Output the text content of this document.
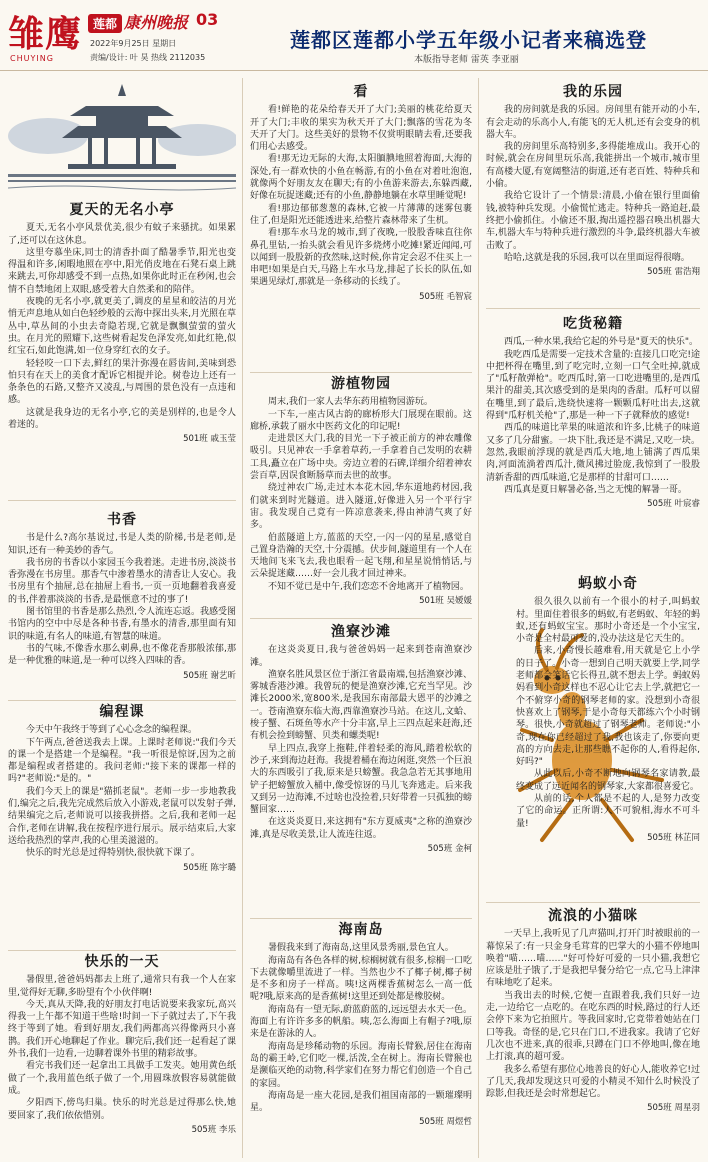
雏鹰
CHUYING
莲都 康州晚报 03
2022年9月25日 星期日
责编/设计: 叶 昊 热线 2112035
莲都区莲都小学五年级小记者来稿选登
本版指导老师 雷英 李亚丽
夏天的无名小亭

夏天,无名小亭风景优美,很少有蚊子来骚扰。如果累了,还可以在这休息。

这里夸慕坐床,同士的清香扑面了酷暑季节,阳光也变得温和许多,闲暇地照在亭中,阳光俏皮地在石凳石桌上跳来跳去,可你却感受不到一点热,如果你此时正在秒闲,也会情不自禁地闭上双眼,感受着大自然柔和的陪伴。

夜晚的无名小亭,就更美了,调皮的星星和皎洁的月光悄无声息地从如白色轻纱般的云海中探出头来,月光照在草丛中,草丛间的小虫去奇隐若现,它就是飘飘萤萤的萤火虫。在月光的照耀下,这些树看起发色泽发亮,如此红艳,似红宝石,如此饱满,如一位身穿红衣的女子。

轻轻咬一口下去,鲜红的果汁弥漫在唇齿间,美味到恐怕只有在天上的美食才配诉它相提并论。树卷边上还有一条条色的石路,又整齐又凌乱,与周围的景色没有一点违和感。

这就是我身边的无名小亭,它的美是别样的,也是令人着迷的。

501班 戚玉莹
书香

书是什么?高尔基说过,书是人类的阶梯,书是老师,是知识,还有一种美妙的香气。

我书房的书香以小家园玉今我着迷。走进书房,淡淡书香弥漫在书房里。那香气中渗着墨水的清香让人安心。我书房里有个抽屉,总在抽屉上看书,一页一页地翻着我喜爱的书,伴着那淡淡的书香,是最惬意不过的事了!

图书馆里的书香是那么热烈,令人流连忘返。我感受图书馆内的空中中尽是各种书香,有墨水的清香,那里面有知识的味道,有名人的味道,有智慧的味道。

书的气味,不像香水那么刺鼻,也不像花香那般浓郁,那是一种优雅的味道,是一种可以终入四味的香。

505班 谢艺昕
编程课

今天中午我终于等到了心心念念的编程课。

下午两点,爸爸送我去上课。上课时老师说:"我们今天的课一个是搭建一个是编程。"我一听很是惊讶,因为之前都是编程或者搭建的。我问老师:"接下来的课都一样的吗?"老师说:"是的。"

我们今天上的课是"猫抓老鼠"。老师一步一步地教我们,编完之后,我先完成然后放入小游戏,老鼠可以发射子弹,结果编完之后,老师说可以接我拼搭。之后,我和老师一起合作,老师在讲解,我在按程序进行展示。展示结束后,大家送给我热烈的掌声,我的心里美滋滋的。

快乐的时光总是过得特别快,很快就下课了。

505班 陈宇璐
快乐的一天

暑假里,爸爸妈妈都去上班了,通常只有我一个人在家里,觉得好无聊,多盼望有个小伙伴啊!

今天,真从天降,我的好朋友打电话说要来我家玩,高兴得我一上午都不知道干些啥!时间一下子就过去了,下午我终于等到了她。看到好朋友,我们两都高兴得像两只小喜鹊。我们开心地聊起了作业。聊完后,我们还一起看起了课外书,我们一边看,一边聊着课外书里的精彩故事。

看完书我们还一起拿出工具做手工发夹。她用黄色纸做了一个,我用蓝色纸子做了一个,用圆珠放假容易就能做成。

夕阳西下,傍鸟归巢。快乐的时光总是过得那么快,她要回家了,我们依依惜别。

505班 李乐
看

看!鲜艳的花朵给春天开了大门;美丽的桃花给夏天开了大门;丰收的果实为秋天开了大门;飘落的雪花为冬天开了大门。这些美好的景物不仅赏明眼睛去看,还要我们用心去感受。

看!那无边无际的大海,太阳腼腆地照着海面,大海的深处,有一群欢快的小鱼在畅游,有的小鱼在对着吐泡泡,就像两个好朋友友在聊天;有的小鱼游来游去,东躲西藏,好像在玩捉迷藏;还有的小鱼,静静地躺在水草里睡觉呢!

看!那边郁郁葱葱的森林,它被一片薄薄的迷雾包裹住了,但是阳光还能透进来,给整片森林带来了生机。

看!那车水马龙的城市,到了夜晚,一股股香味直往你鼻孔里钻,一抬头就会看见许多烧烤小吃摊!紧近闻闻,可以闻到一股股新的孜然味,这时候,你肯定会忍不住买上一串吧!如果是白天,马路上车水马龙,排起了长长的队伍,如果遇见绿灯,那就是一条移动的长线了。

505班 毛智宸
游植物园

周末,我们一家人去华东药用植物园游玩。

一下车,一座古风古韵的廊桥形大门展现在眼前。这廊桥,承载了丽水中医药文化的印记呢!

走进景区大门,我的目光一下子被正前方的神农雕像吸引。只见神农一手拿着草药,一手拿着自己发明的农耕工具,矗立在广场中央。旁边立着的石碑,详细介绍着神农尝百草,因误食断肠草而去世的故事。

绕过神农广场,走过木本花木园,华东道地药材园,我们就来到时光隧道。进入隧道,好像进入另一个平行宇宙。我发现自己竟有一阵凉意袭来,得由神清气爽了好多。

伯蓝隧道上方,蓝蓝的天空,一闪一闪的星星,感觉自己置身浩瀚的天空,十分震撼。伏步间,隧道里有一个人在天地间飞来飞去,我也眼看一起飞翔,和星星说悄悄话,与云朵捉迷藏……好一会儿我才回过神来。

不知不觉已是中午,我们恋恋不舍地离开了植物园。

501班 吴嫒媛
渔寮沙滩

在这炎炎夏日,我与爸爸妈妈一起来到苍南渔寮沙滩。

渔寮名胜风景区位于浙江省最南端,包括渔寮沙滩、雾城香港沙滩。我曾玩的便是渔寮沙滩,它充当罕见。沙滩长2000米,宽800米,是我国东南部最大恩平的沙滩之一。苍南渔寮东临大海,西靠渔寮沙马站。在这儿,文蛤、梭子蟹、石斑鱼等水产十分丰富,早上三四点起来赶海,还有机会捡到螃蟹、贝类和螺类呢!

早上四点,我穿上拖鞋,伴着轻柔的海风,踏着松软的沙子,来到海边赶海。我提着桶在海边闲逛,突然一个巨浪大的东西吸引了我,原来是只螃蟹。我急急若无其事地用铲子把螃蟹放入桶中,像受惊讶的马儿飞奔逃走。后来我又到另一边海滩,不过啥也没捡着,只好带着一只孤独的螃蟹回家……

在这炎炎夏日,来这拥有"东方夏威夷"之称的渔寮沙滩,真是尽收美景,让人流连往返。

505班 金柯
海南岛

暑假我来到了海南岛,这里风景秀丽,景色宜人。

海南岛有各色各样的树,棕榈树就有很多,棕榈一口吃下去就像嚼里流进了一样。当然也少不了椰子树,椰子树是不多和房子一样高。咦!这两棵香蕉树怎么一高一低呢?哦,原来高的是香蕉树!这里还到处都是橡胶树。

海南岛有一望无际,蔚蓝蔚蓝的,远远望去水天一色。海面上有许许多多的帆船。咦,怎么海面上有帽子?哦,原来是在游泳的人。

海南岛是珍稀动物的乐园。海南长臂猴,居住在海南岛的霸王岭,它们吃一棵,活泼,全在树上。海南长臂猴也是濒临灭绝的动物,科学家们在努力帮它们创造一个自己的家园。

海南岛是一座大花园,是我们祖国南部的一颗璀璨明星。

505班 周煜哲
我的乐园

我的房间就是我的乐园。房间里有能开动的小车,有会走动的乐高小人,有能飞的无人机,还有会变身的机器大车。

我的房间里乐高特别多,多得能堆成山。我开心的时候,就会在房间里玩乐高,我能拼出一个城市,城市里有高楼大厦,有宽阔整洁的街道,还有老百姓、特种兵和小偷。

我给它设计了一个情景:清晨,小偷在银行里面偷钱,被特种兵发现。小偷慌忙逃走。特种兵一路追赶,最终把小偷抓住。小偷还不服,掏出遥控器召唤出机器大车,机器大车与特种兵进行激烈的斗争,最终机器大车被击败了。

哈哈,这就是我的乐园,我可以在里面逗得很嗨。

505班 雷浩翔
吃货秘籍

西瓜,一种水果,我给它起的外号是"夏天的快乐"。

我吃西瓜是需要一定技术含量的:直接几口吃完!途中把杯得在嘴里,到了吃完时,立刻一口气全吐掉,就成了"瓜籽散弹枪"。吃西瓜时,第一口吃进嘴里的,是西瓜果汁的甜美,其次感受到的是果肉的香甜。瓜籽可以留在嘴里,到了最后,选绕快速将一颗颗瓜籽吐出去,这就得到"瓜籽机关枪"了,那是一种一下子就释放的感觉!

西瓜的味道比苹果的味道浓和许多,比桃子的味道又多了几分甜蜜。一块下肚,我还是不满足,又吃一块。忽然,我眼前浮现的就是西瓜大地,地上铺满了西瓜果肉,河面流淌着西瓜汁,微风拂过脸庞,我惊到了一股股清新香甜的西瓜味道,它是那样的甘甜可口……

西瓜真是夏日解暑必备,当之无愧的解暑一哥。

505班 叶宸睿
蚂蚁小奇

很久很久以前有一个很小的村子,叫蚂蚁村。里面住着很多的蚂蚁,有老蚂蚁、年轻的蚂蚁,还有蚂蚁宝宝。那时小奇还是一个小宝宝,小奇是全村最可爱的,没办法这是它天生的。

后来,小奇慢长越难看,用天就是它上小学的日子了。小奇一想到自己明天就要上学,同学老师都会笑话它长得丑,就不想去上学。蚂蚁妈妈看到小奇这样也不忍心让它去上学,就把它一个不俯穿小奇的钢琴老师的家。没想到小奇很快喜欢上了钢琴,于是小奇每天都练六个小时钢琴。很快,小奇就超过了钢琴老师。老师说:"小奇,现在你已经超过了我,我也该走了,你要向更高的方向去走,让那些瞧不起你的人,看得起你,好吗?"

从此以后,小奇不断地向钢琴名家请教,最终变成了远近闻名的钢琴家,大家都很喜爱它。

从前的话,个人都是不起的人,是努力改变了它的命运。正所谓:人不可貌相,海水不可斗量!

505班 林芷同
流浪的小猫咪

一天早上,我听见了几声猫叫,打开门时被眼前的一幕惊呆了:有一只金身毛茸茸的巴掌大的小猫不停地叫唤着"喵……喵……"好可怜好可爱的一只小猫,我想它应该是肚子饿了,于是我把早餐分给它一点,它马上津津有味地吃了起来。

当我出去的时候,它便一直跟着我,我们只好一边走,一边给它一点吃的。在吃东西的时候,路过的行人还会停下来为它拍照片。等我回家时,它竟带着她站在门口等我。奇怪的是,它只在门口,不进我家。我请了它好几次也不进来,真的很乖,只蹲在门口不停地叫,像在地上打滚,真的超可爱。

我多么希望有那位心地善良的好心人,能收养它!过了几天,我却发现这只可爱的小精灵不知什么时候没了踪影,但我还是会时常想起它。

505班 周星羽
